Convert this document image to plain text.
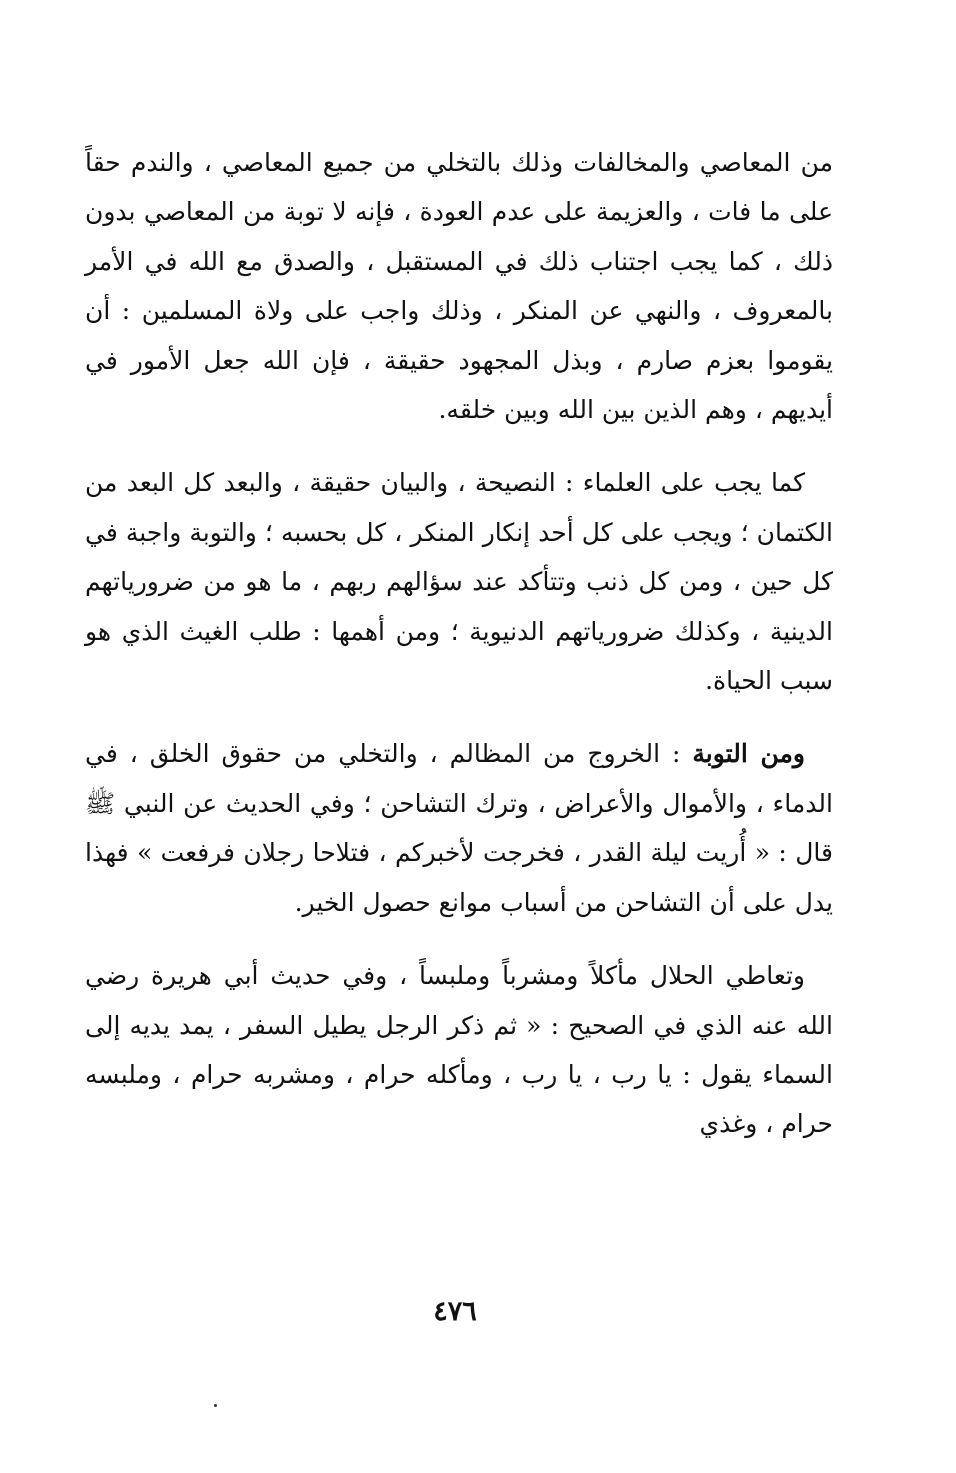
من المعاصي والمخالفات وذلك بالتخلي من جميع المعاصي ، والندم حقاً على ما فات ، والعزيمة على عدم العودة ، فإنه لا توبة من المعاصي بدون ذلك ، كما يجب اجتناب ذلك في المستقبل ، والصدق مع الله في الأمر بالمعروف ، والنهي عن المنكر ، وذلك واجب على ولاة المسلمين : أن يقوموا بعزم صارم ، وبذل المجهود حقيقة ، فإن الله جعل الأمور في أيديهم ، وهم الذين بين الله وبين خلقه.

كما يجب على العلماء : النصيحة ، والبيان حقيقة ، والبعد كل البعد من الكتمان ؛ ويجب على كل أحد إنكار المنكر ، كل بحسبه ؛ والتوبة واجبة في كل حين ، ومن كل ذنب وتتأكد عند سؤالهم ربهم ، ما هو من ضرورياتهم الدينية ، وكذلك ضرورياتهم الدنيوية ؛ ومن أهمها : طلب الغيث الذي هو سبب الحياة.

ومن التوبة : الخروج من المظالم ، والتخلي من حقوق الخلق ، في الدماء ، والأموال والأعراض ، وترك التشاحن ؛ وفي الحديث عن النبي ﷺ قال : « أُريت ليلة القدر ، فخرجت لأخبركم ، فتلاحا رجلان فرفعت » فهذا يدل على أن التشاحن من أسباب موانع حصول الخير.

وتعاطي الحلال مأكلاً ومشرباً وملبساً ، وفي حديث أبي هريرة رضي الله عنه الذي في الصحيح : « ثم ذكر الرجل يطيل السفر ، يمد يديه إلى السماء يقول : يا رب ، يا رب ، ومأكله حرام ، ومشربه حرام ، وملبسه حرام ، وغذي

٤٧٦
